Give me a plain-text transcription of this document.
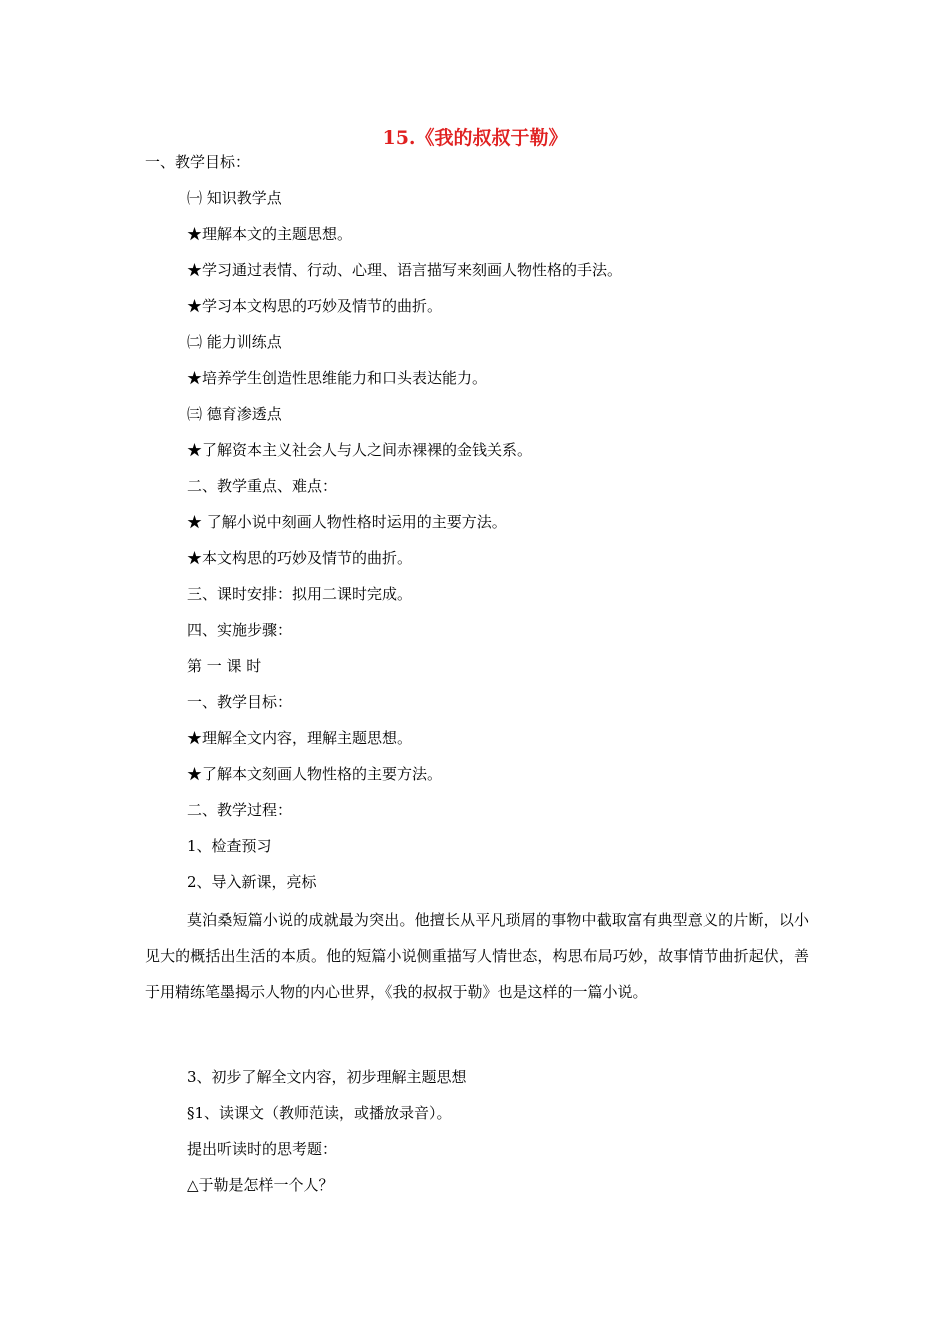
15.《我的叔叔于勒》
一、教学目标：
㈠ 知识教学点
★理解本文的主题思想。
★学习通过表情、行动、心理、语言描写来刻画人物性格的手法。
★学习本文构思的巧妙及情节的曲折。
㈡ 能力训练点
★培养学生创造性思维能力和口头表达能力。
㈢ 德育渗透点
★了解资本主义社会人与人之间赤裸裸的金钱关系。
二、教学重点、难点：
★ 了解小说中刻画人物性格时运用的主要方法。
★本文构思的巧妙及情节的曲折。
三、课时安排：拟用二课时完成。
四、实施步骤：
第 一 课 时
一、教学目标：
★理解全文内容，理解主题思想。
★了解本文刻画人物性格的主要方法。
二、教学过程：
1、检查预习
2、导入新课，亮标
莫泊桑短篇小说的成就最为突出。他擅长从平凡琐屑的事物中截取富有典型意义的片断，以小见大的概括出生活的本质。他的短篇小说侧重描写人情世态，构思布局巧妙，故事情节曲折起伏，善于用精练笔墨揭示人物的内心世界，《我的叔叔于勒》也是这样的一篇小说。
3、初步了解全文内容，初步理解主题思想
§1、读课文（教师范读，或播放录音）。
提出听读时的思考题：
△于勒是怎样一个人？
